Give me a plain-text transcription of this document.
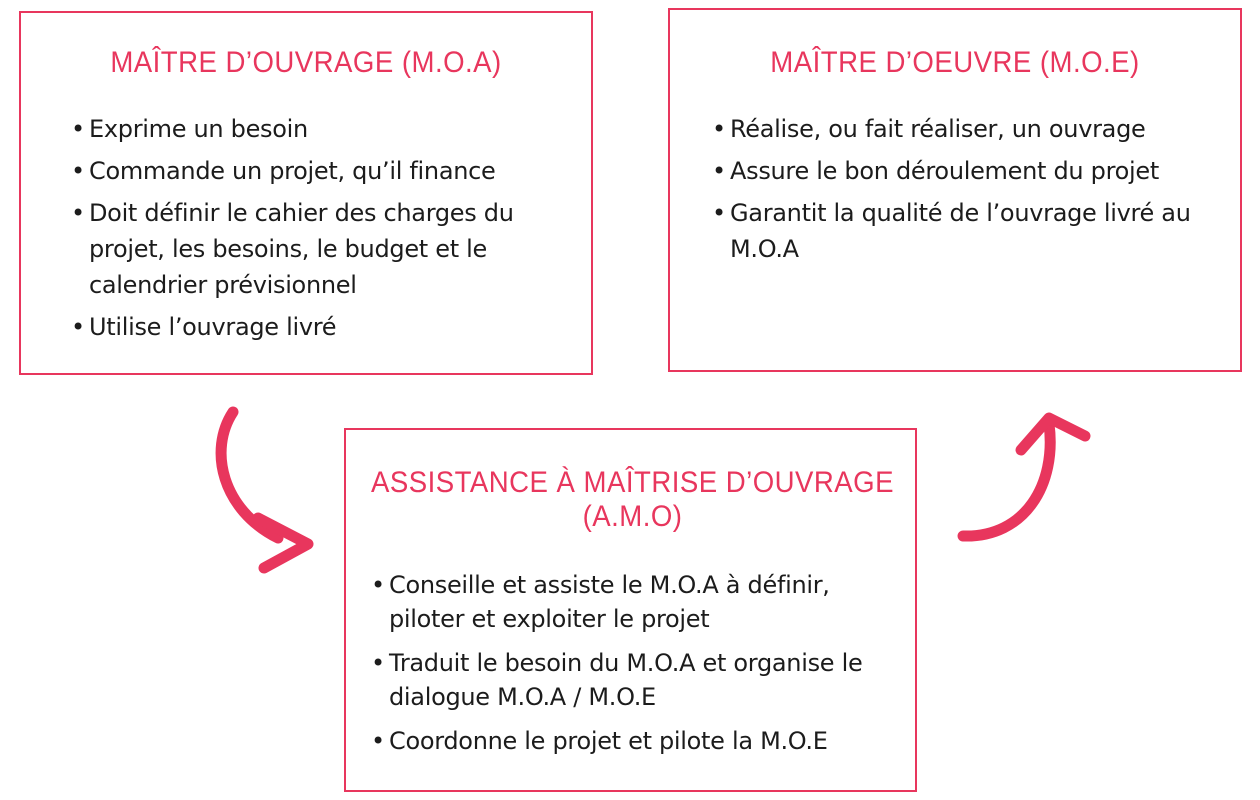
MAÎTRE D’OUVRAGE (M.O.A)
• Exprime un besoin
• Commande un projet, qu’il finance
• Doit définir le cahier des charges du projet, les besoins, le budget et le calendrier prévisionnel
• Utilise l’ouvrage livré
MAÎTRE D’OEUVRE (M.O.E)
• Réalise, ou fait réaliser, un ouvrage
• Assure le bon déroulement du projet
• Garantit la qualité de l’ouvrage livré au M.O.A
ASSISTANCE À MAÎTRISE D’OUVRAGE
(A.M.O)
• Conseille et assiste le M.O.A à définir, piloter et exploiter le projet
• Traduit le besoin du M.O.A et organise le dialogue M.O.A / M.O.E
• Coordonne le projet et pilote la M.O.E
